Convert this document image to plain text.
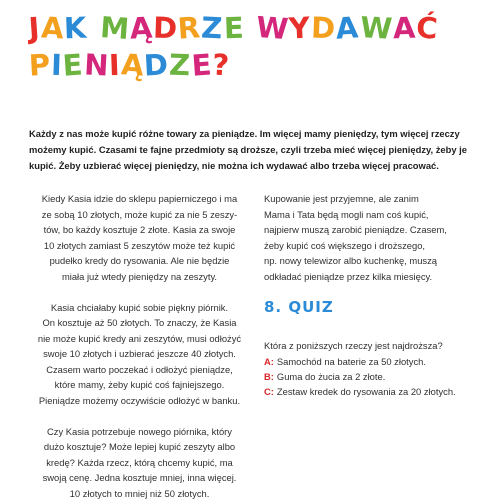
JAK MĄDRZE WYDAWAĆ
PIENIĄDZE?

Każdy z nas może kupić różne towary za pieniądze. Im więcej mamy pieniędzy, tym więcej rzeczy możemy kupić. Czasami te fajne przedmioty są droższe, czyli trzeba mieć więcej pieniędzy, żeby je kupić. Żeby uzbierać więcej pieniędzy, nie można ich wydawać albo trzeba więcej pracować.

Kiedy Kasia idzie do sklepu papierniczego i ma
ze sobą 10 złotych, może kupić za nie 5 zeszy-
tów, bo każdy kosztuje 2 złote. Kasia za swoje
10 złotych zamiast 5 zeszytów może też kupić
pudełko kredy do rysowania. Ale nie będzie
miała już wtedy pieniędzy na zeszyty.

Kasia chciałaby kupić sobie piękny piórnik.
On kosztuje aż 50 złotych. To znaczy, że Kasia
nie może kupić kredy ani zeszytów, musi odłożyć
swoje 10 złotych i uzbierać jeszcze 40 złotych.
Czasem warto poczekać i odłożyć pieniądze,
które mamy, żeby kupić coś fajniejszego.
Pieniądze możemy oczywiście odłożyć w banku.

Czy Kasia potrzebuje nowego piórnika, który
dużo kosztuje? Może lepiej kupić zeszyty albo
kredę? Każda rzecz, którą chcemy kupić, ma
swoją cenę. Jedna kosztuje mniej, inna więcej.
10 złotych to mniej niż 50 złotych.

Kupowanie jest przyjemne, ale zanim
Mama i Tata będą mogli nam coś kupić,
najpierw muszą zarobić pieniądze. Czasem,
żeby kupić coś większego i droższego,
np. nowy telewizor albo kuchenkę, muszą
odkładać pieniądze przez kilka miesięcy.

8. QUIZ

Która z poniższych rzeczy jest najdroższa?

A: Samochód na baterie za 50 złotych.

B: Guma do żucia za 2 złote.

C: Zestaw kredek do rysowania za 20 złotych.
